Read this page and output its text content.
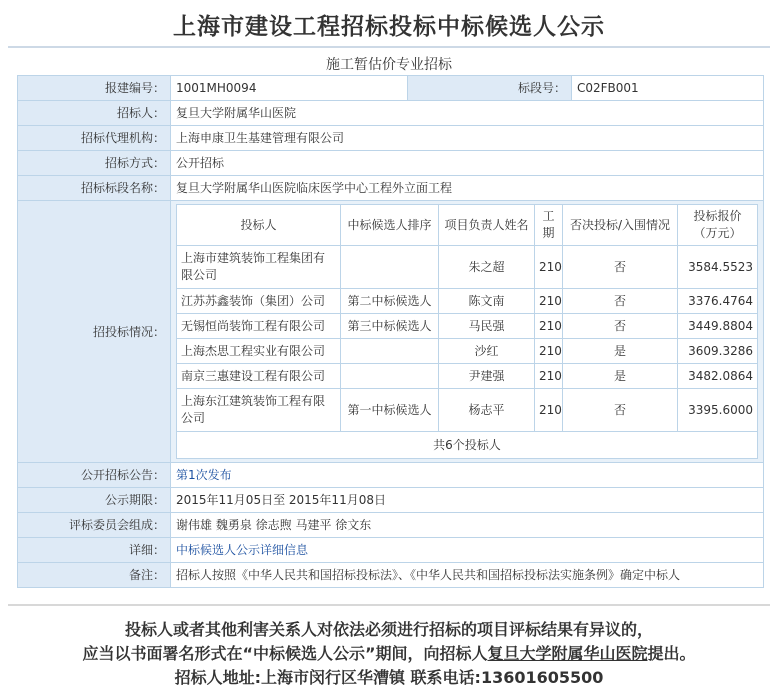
上海市建设工程招标投标中标候选人公示
施工暂估价专业招标
报建编号：	1001MH0094	标段号：	C02FB001
招标人：	复旦大学附属华山医院
招标代理机构：	上海申康卫生基建管理有限公司
招标方式：	公开招标
招标标段名称：	复旦大学附属华山医院临床医学中心工程外立面工程
招投标情况：	
投标人	中标候选人排序	项目负责人姓名	工期	否决投标/入围情况	投标报价（万元）
上海市建筑装饰工程集团有限公司		朱之超	210	否	3584.5523
江苏苏鑫装饰（集团）公司	第二中标候选人	陈文南	210	否	3376.4764
无锡恒尚装饰工程有限公司	第三中标候选人	马民强	210	否	3449.8804
上海杰思工程实业有限公司		沙红	210	是	3609.3286
南京三惠建设工程有限公司		尹建强	210	是	3482.0864
上海东江建筑装饰工程有限公司	第一中标候选人	杨志平	210	否	3395.6000
共6个投标人

公开招标公告：	第1次发布
公示期限：	2015年11月05日至 2015年11月08日
评标委员会组成：	谢伟雄 魏勇泉 徐志煦 马建平 徐文东
详细：	中标候选人公示详细信息
备注：	招标人按照《中华人民共和国招标投标法》、《中华人民共和国招标投标法实施条例》确定中标人
投标人或者其他利害关系人对依法必须进行招标的项目评标结果有异议的，
应当以书面署名形式在“中标候选人公示”期间，向招标人复旦大学附属华山医院提出。
招标人地址:上海市闵行区华漕镇 联系电话:13601605500
